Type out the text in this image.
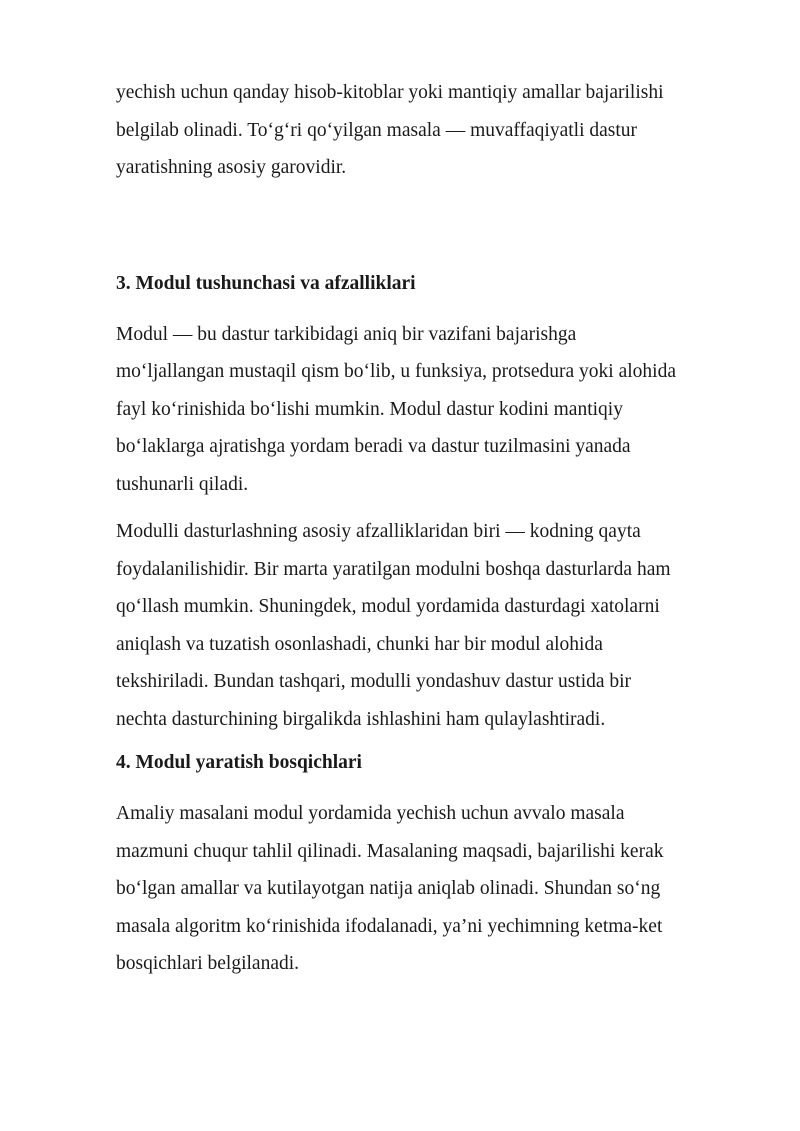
yechish uchun qanday hisob-kitoblar yoki mantiqiy amallar bajarilishi
belgilab olinadi. To‘g‘ri qo‘yilgan masala — muvaffaqiyatli dastur
yaratishning asosiy garovidir.

3. Modul tushunchasi va afzalliklari

Modul — bu dastur tarkibidagi aniq bir vazifani bajarishga
mo‘ljallangan mustaqil qism bo‘lib, u funksiya, protsedura yoki alohida
fayl ko‘rinishida bo‘lishi mumkin. Modul dastur kodini mantiqiy
bo‘laklarga ajratishga yordam beradi va dastur tuzilmasini yanada
tushunarli qiladi.

Modulli dasturlashning asosiy afzalliklaridan biri — kodning qayta
foydalanilishidir. Bir marta yaratilgan modulni boshqa dasturlarda ham
qo‘llash mumkin. Shuningdek, modul yordamida dasturdagi xatolarni
aniqlash va tuzatish osonlashadi, chunki har bir modul alohida
tekshiriladi. Bundan tashqari, modulli yondashuv dastur ustida bir
nechta dasturchining birgalikda ishlashini ham qulaylashtiradi.

4. Modul yaratish bosqichlari

Amaliy masalani modul yordamida yechish uchun avvalo masala
mazmuni chuqur tahlil qilinadi. Masalaning maqsadi, bajarilishi kerak
bo‘lgan amallar va kutilayotgan natija aniqlab olinadi. Shundan so‘ng
masala algoritm ko‘rinishida ifodalanadi, ya’ni yechimning ketma-ket
bosqichlari belgilanadi.
